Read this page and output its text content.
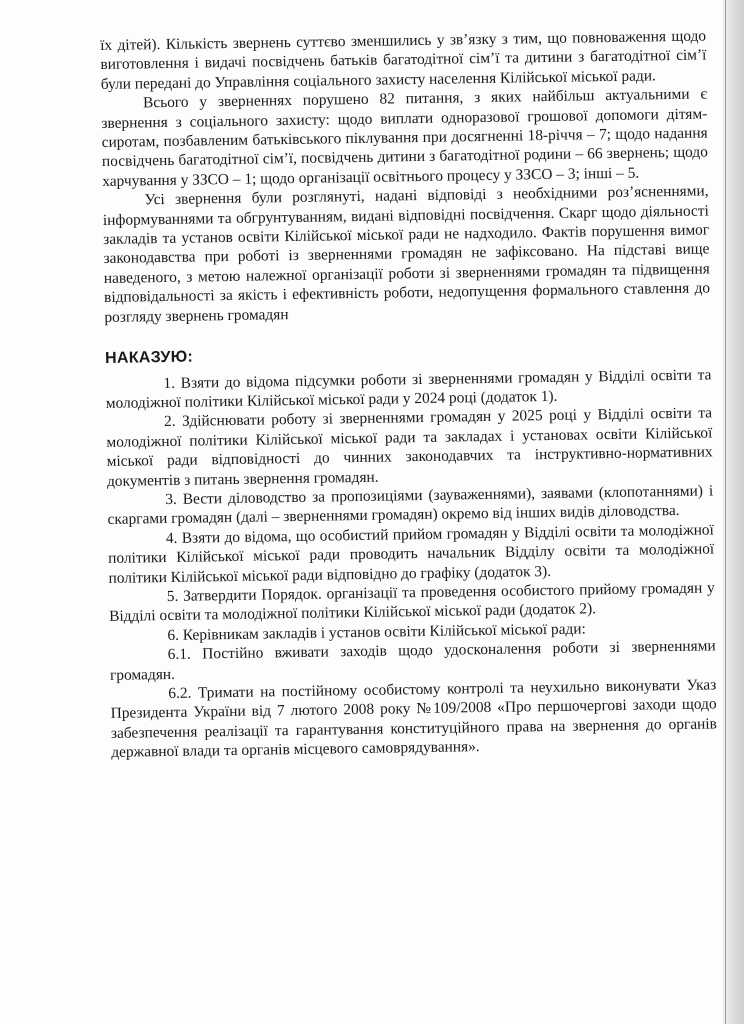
їх дітей). Кількість звернень суттєво зменшились у зв’язку з тим, що повноваження щодо виготовлення і видачі посвідчень батьків багатодітної сім’ї та дитини з багатодітної сім’ї були передані до Управління соціального захисту населення Кілійської міської ради.

Всього у зверненнях порушено 82 питання, з яких найбільш актуальними є звернення з соціального захисту: щодо виплати одноразової грошової допомоги дітям-сиротам, позбавленим батьківського піклування при досягненні 18-річчя – 7; щодо надання посвідчень багатодітної сім’ї, посвідчень дитини з багатодітної родини – 66 звернень; щодо харчування у ЗЗСО – 1; щодо організації освітнього процесу у ЗЗСО – 3; інші – 5.

Усі звернення були розглянуті, надані відповіді з необхідними роз’ясненнями, інформуваннями та обгрунтуванням, видані відповідні посвідчення. Скарг щодо діяльності закладів та установ освіти Кілійської міської ради не надходило. Фактів порушення вимог законодавства при роботі із зверненнями громадян не зафіксовано. На підставі вище наведеного, з метою належної організації роботи зі зверненнями громадян та підвищення відповідальності за якість і ефективність роботи, недопущення формального ставлення до розгляду звернень громадян

НАКАЗУЮ:

1. Взяти до відома підсумки роботи зі зверненнями громадян у Відділі освіти та молодіжної політики Кілійської міської ради у 2024 році (додаток 1).

2. Здійснювати роботу зі зверненнями громадян у 2025 році у Відділі освіти та молодіжної політики Кілійської міської ради та закладах і установах освіти Кілійської міської ради відповідності до чинних законодавчих та інструктивно-нормативних документів з питань звернення громадян.

3. Вести діловодство за пропозиціями (зауваженнями), заявами (клопотаннями) і скаргами громадян (далі – зверненнями громадян) окремо від інших видів діловодства.

4. Взяти до відома, що особистий прийом громадян у Відділі освіти та молодіжної політики Кілійської міської ради проводить начальник Відділу освіти та молодіжної політики Кілійської міської ради відповідно до графіку (додаток 3).

5. Затвердити Порядок. організації та проведення особистого прийому громадян у Відділі освіти та молодіжної політики Кілійської міської ради (додаток 2).

6. Керівникам закладів і установ освіти Кілійської міської ради:

6.1. Постійно вживати заходів щодо удосконалення роботи зі зверненнями громадян.

6.2. Тримати на постійному особистому контролі та неухильно виконувати Указ Президента України від 7 лютого 2008 року №109/2008 «Про першочергові заходи щодо забезпечення реалізації та гарантування конституційного права на звернення до органів державної влади та органів місцевого самоврядування».
